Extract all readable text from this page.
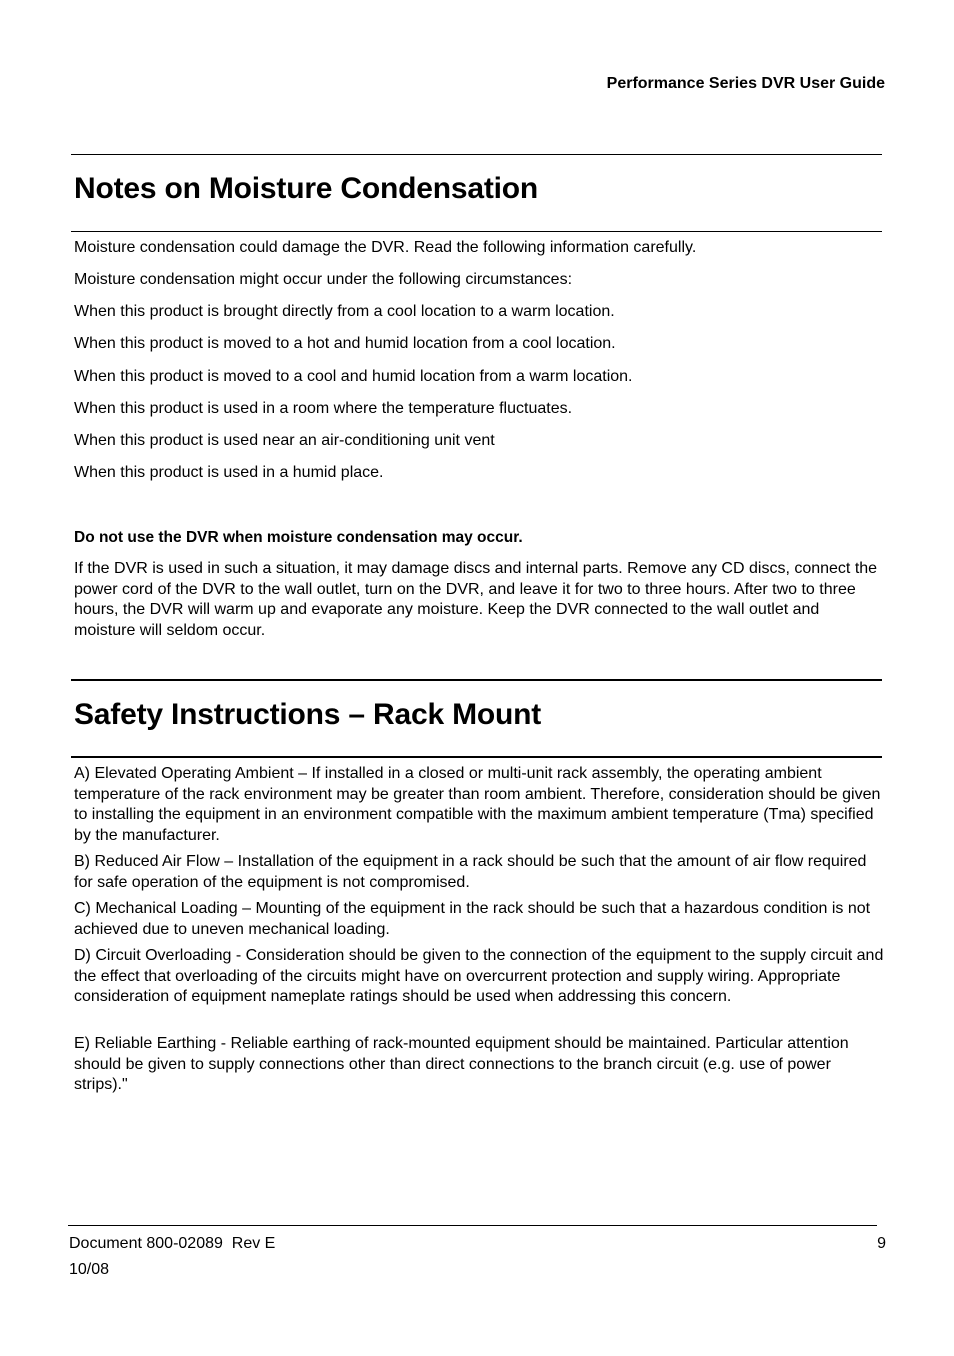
Performance Series DVR User Guide
Notes on Moisture Condensation
Moisture condensation could damage the DVR. Read the following information carefully.
Moisture condensation might occur under the following circumstances:
When this product is brought directly from a cool location to a warm location.
When this product is moved to a hot and humid location from a cool location.
When this product is moved to a cool and humid location from a warm location.
When this product is used in a room where the temperature fluctuates.
When this product is used near an air-conditioning unit vent
When this product is used in a humid place.
Do not use the DVR when moisture condensation may occur.

If the DVR is used in such a situation, it may damage discs and internal parts. Remove any CD discs, connect the power cord of the DVR to the wall outlet, turn on the DVR, and leave it for two to three hours. After two to three hours, the DVR will warm up and evaporate any moisture. Keep the DVR connected to the wall outlet and moisture will seldom occur.

Safety Instructions – Rack Mount

A) Elevated Operating Ambient – If installed in a closed or multi-unit rack assembly, the operating ambient temperature of the rack environment may be greater than room ambient. Therefore, consideration should be given to installing the equipment in an environment compatible with the maximum ambient temperature (Tma) specified by the manufacturer.

B) Reduced Air Flow – Installation of the equipment in a rack should be such that the amount of air flow required for safe operation of the equipment is not compromised.

C) Mechanical Loading – Mounting of the equipment in the rack should be such that a hazardous condition is not achieved due to uneven mechanical loading.

D) Circuit Overloading - Consideration should be given to the connection of the equipment to the supply circuit and the effect that overloading of the circuits might have on overcurrent protection and supply wiring. Appropriate consideration of equipment nameplate ratings should be used when addressing this concern.

E) Reliable Earthing - Reliable earthing of rack-mounted equipment should be maintained. Particular attention should be given to supply connections other than direct connections to the branch circuit (e.g. use of power strips)."

Document 800-02089  Rev E
10/08
9
